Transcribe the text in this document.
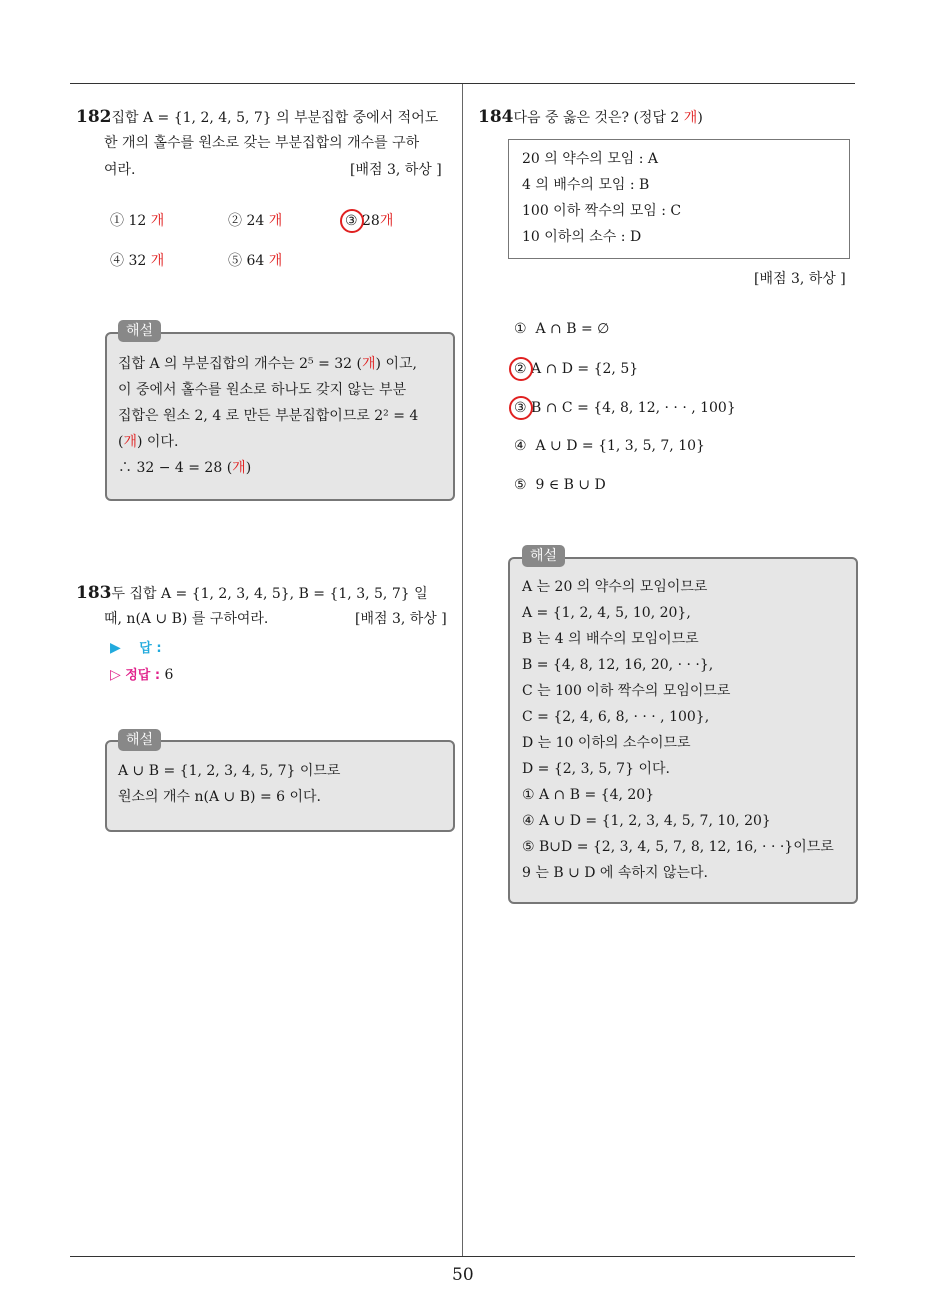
182집합 A = {1, 2, 4, 5, 7} 의 부분집합 중에서 적어도
한 개의 홀수를 원소로 갖는 부분집합의 개수를 구하
여라.	[배점 3, 하상 ]
① 12 개	② 24 개	③ 28개
④ 32 개	⑤ 64 개
해설
집합 A 의 부분집합의 개수는 2⁵ = 32 (개) 이고,
이 중에서 홀수를 원소로 하나도 갖지 않는 부분
집합은 원소 2, 4 로 만든 부분집합이므로 2² = 4
(개) 이다.
∴ 32 − 4 = 28 (개)
183두 집합 A = {1, 2, 3, 4, 5}, B = {1, 3, 5, 7} 일
때, n(A ∪ B) 를 구하여라.	[배점 3, 하상 ]
▶ 답 :
▷ 정답 : 6
해설
A ∪ B = {1, 2, 3, 4, 5, 7} 이므로
원소의 개수 n(A ∪ B) = 6 이다.
184다음 중 옳은 것은? (정답 2 개)
20 의 약수의 모임 : A
4 의 배수의 모임 : B
100 이하 짝수의 모임 : C
10 이하의 소수 : D
[배점 3, 하상 ]
① A ∩ B = ∅
② A ∩ D = {2, 5}
③ B ∩ C = {4, 8, 12, · · · , 100}
④ A ∪ D = {1, 3, 5, 7, 10}
⑤ 9 ∈ B ∪ D
해설
A 는 20 의 약수의 모임이므로
A = {1, 2, 4, 5, 10, 20},
B 는 4 의 배수의 모임이므로
B = {4, 8, 12, 16, 20, · · ·},
C 는 100 이하 짝수의 모임이므로
C = {2, 4, 6, 8, · · · , 100},
D 는 10 이하의 소수이므로
D = {2, 3, 5, 7} 이다.
① A ∩ B = {4, 20}
④ A ∪ D = {1, 2, 3, 4, 5, 7, 10, 20}
⑤ B∪D = {2, 3, 4, 5, 7, 8, 12, 16, · · ·}이므로
9 는 B ∪ D 에 속하지 않는다.
50
